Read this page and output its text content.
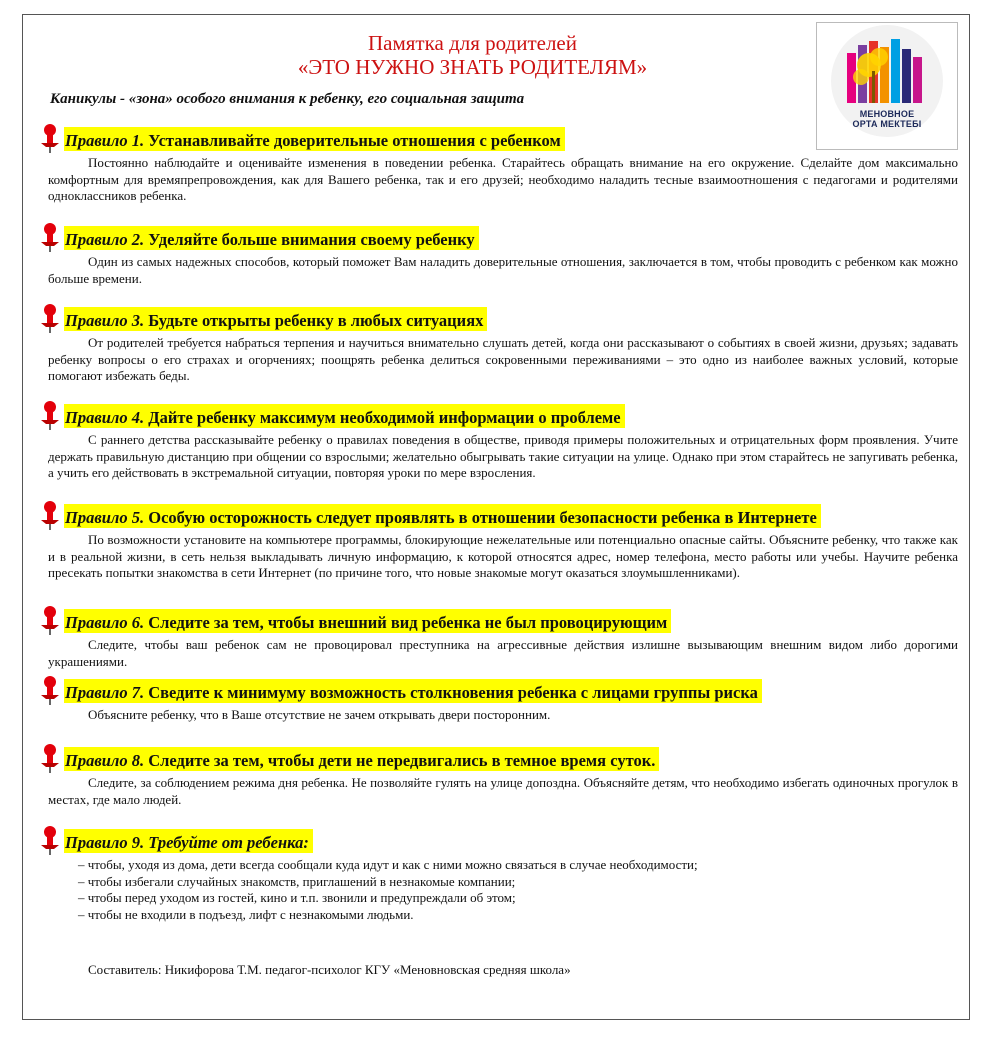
Памятка для родителей
«ЭТО НУЖНО ЗНАТЬ РОДИТЕЛЯМ»
МЕНОВНОЕ
ОРТА МЕКТЕБІ
Каникулы - «зона» особого внимания к ребенку, его социальная защита
Правило 1. Устанавливайте доверительные отношения с ребенком

Постоянно наблюдайте и оценивайте изменения в поведении ребенка. Старайтесь обращать внимание на его окружение. Сделайте дом максимально комфортным для времяпрепровождения, как для Вашего ребенка, так и его друзей; необходимо наладить тесные взаимоотношения с педагогами и родителями одноклассников ребенка.

Правило 2. Уделяйте больше внимания своему ребенку

Один из самых надежных способов, который поможет Вам наладить доверительные отношения, заключается в том, чтобы проводить с ребенком как можно больше времени.

Правило 3. Будьте открыты ребенку в любых ситуациях

От родителей требуется набраться терпения и научиться внимательно слушать детей, когда они рассказывают о событиях в своей жизни, друзьях; задавать ребенку вопросы о его страхах и огорчениях; поощрять ребенка делиться сокровенными переживаниями – это одно из наиболее важных условий, которые помогают избежать беды.

Правило 4. Дайте ребенку максимум необходимой информации о проблеме

С раннего детства рассказывайте ребенку о правилах поведения в обществе, приводя примеры положительных и отрицательных форм проявления. Учите держать правильную дистанцию при общении со взрослыми; желательно обыгрывать такие ситуации на улице. Однако при этом старайтесь не запугивать ребенка, а учить его действовать в экстремальной ситуации, повторяя уроки по мере взросления.

Правило 5. Особую осторожность следует проявлять в отношении безопасности ребенка в Интернете

По возможности установите на компьютере программы, блокирующие нежелательные или потенциально опасные сайты. Объясните ребенку, что также как и в реальной жизни, в сеть нельзя выкладывать личную информацию, к которой относятся адрес, номер телефона, место работы или учебы. Научите ребенка пресекать попытки знакомства в сети Интернет (по причине того, что новые знакомые могут оказаться злоумышленниками).

Правило 6. Следите за тем, чтобы внешний вид ребенка не был провоцирующим

Следите, чтобы ваш ребенок сам не провоцировал преступника на агрессивные действия излишне вызывающим внешним видом либо дорогими украшениями.

Правило 7. Сведите к минимуму возможность столкновения ребенка с лицами группы риска

Объясните ребенку, что в Ваше отсутствие не зачем открывать двери посторонним.

Правило 8. Следите за тем, чтобы дети не передвигались в темное время суток.

Следите, за соблюдением режима дня ребенка. Не позволяйте гулять на улице допоздна. Объясняйте детям, что необходимо избегать одиночных прогулок в местах, где мало людей.

Правило 9. Требуйте от ребенка:
– чтобы, уходя из дома, дети всегда сообщали куда идут и как с ними можно связаться в случае необходимости;
– чтобы избегали случайных знакомств, приглашений в незнакомые компании;
– чтобы перед уходом из гостей, кино и т.п. звонили и предупреждали об этом;
– чтобы не входили в подъезд, лифт с незнакомыми людьми.
Составитель: Никифорова Т.М. педагог-психолог КГУ «Меновновская средняя школа»
